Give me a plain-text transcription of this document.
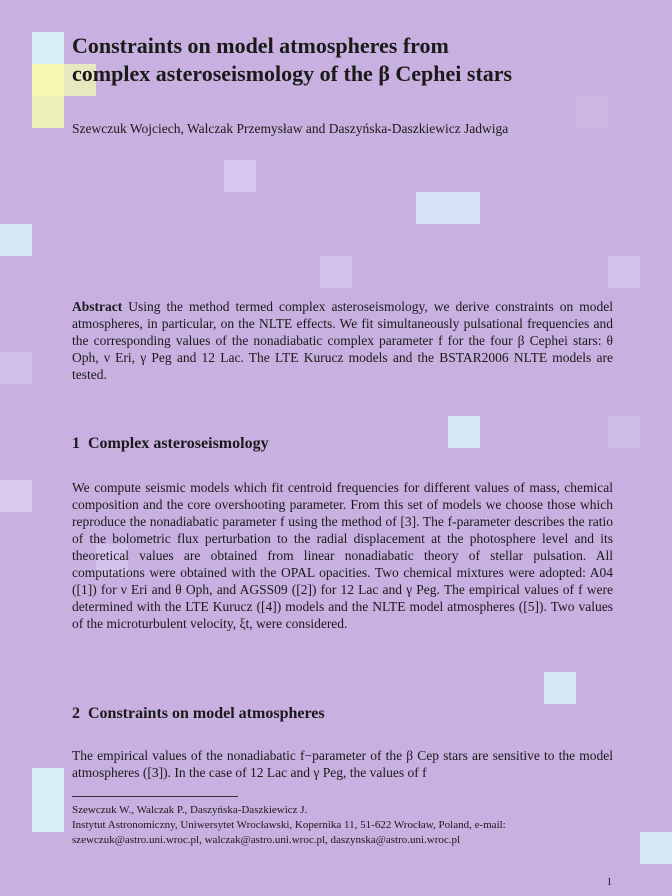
Constraints on model atmospheres from
complex asteroseismology of the β Cephei stars

Szewczuk Wojciech, Walczak Przemysław and Daszyńska-Daszkiewicz Jadwiga

Abstract Using the method termed complex asteroseismology, we derive constraints on model atmospheres, in particular, on the NLTE effects. We fit simultaneously pulsational frequencies and the corresponding values of the nonadiabatic complex parameter f for the four β Cephei stars: θ Oph, ν Eri, γ Peg and 12 Lac. The LTE Kurucz models and the BSTAR2006 NLTE models are tested.

1 Complex asteroseismology

We compute seismic models which fit centroid frequencies for different values of mass, chemical composition and the core overshooting parameter. From this set of models we choose those which reproduce the nonadiabatic parameter f using the method of [3]. The f-parameter describes the ratio of the bolometric flux perturbation to the radial displacement at the photosphere level and its theoretical values are obtained from linear nonadiabatic theory of stellar pulsation. All computations were obtained with the OPAL opacities. Two chemical mixtures were adopted: A04 ([1]) for ν Eri and θ Oph, and AGSS09 ([2]) for 12 Lac and γ Peg. The empirical values of f were determined with the LTE Kurucz ([4]) models and the NLTE model atmospheres ([5]). Two values of the microturbulent velocity, ξt, were considered.

2 Constraints on model atmospheres

The empirical values of the nonadiabatic f−parameter of the β Cep stars are sensitive to the model atmospheres ([3]). In the case of 12 Lac and γ Peg, the values of f

Szewczuk W., Walczak P., Daszyńska-Daszkiewicz J.
Instytut Astronomiczny, Uniwersytet Wrocławski, Kopernika 11, 51-622 Wrocław, Poland, e-mail:
szewczuk@astro.uni.wroc.pl, walczak@astro.uni.wroc.pl, daszynska@astro.uni.wroc.pl

1
